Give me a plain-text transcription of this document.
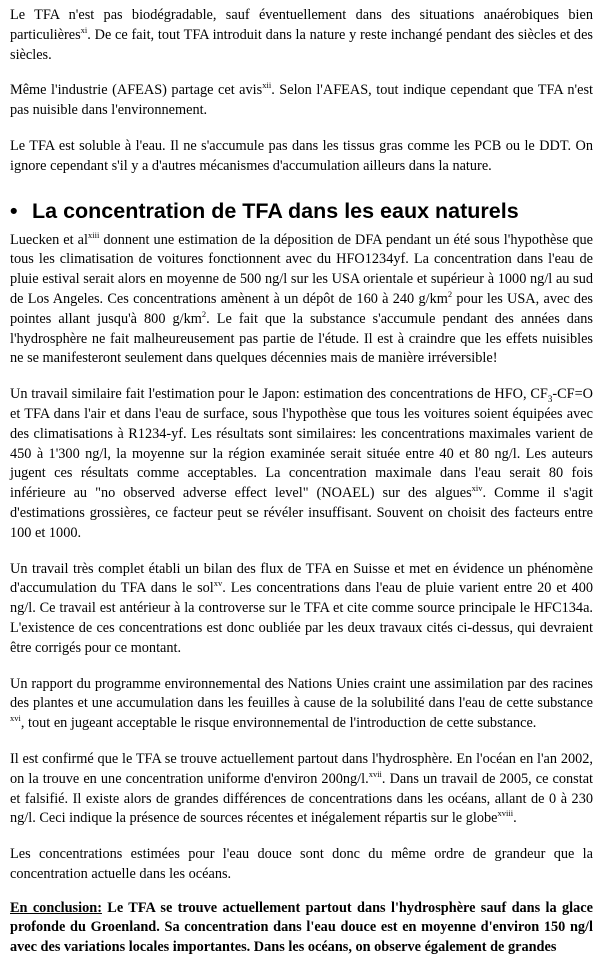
Le TFA n'est pas biodégradable, sauf éventuellement dans des situations anaérobiques bien particulières$^{xi}$. De ce fait, tout TFA introduit dans la nature y reste inchangé pendant des siècles et des siècles.

Même l'industrie (AFEAS) partage cet avis$^{xii}$. Selon l'AFEAS, tout indique cependant que TFA n'est pas nuisible dans l'environnement.

Le TFA est soluble à l'eau. Il ne s'accumule pas dans les tissus gras comme les PCB ou le DDT. On ignore cependant s'il y a d'autres mécanismes d'accumulation ailleurs dans la nature.

• La concentration de TFA dans les eaux naturels

Luecken et $al^{xiii}$ donnent une estimation de la déposition de DFA pendant un été sous l'hypothèse que tous les climatisation de voitures fonctionnent avec du HFO1234yf. La concentration dans l'eau de pluie estival serait alors en moyenne de 500 ng/l sur les USA orientale et supérieur à 1000 ng/l au sud de Los Angeles. Ces concentrations amènent à un dépôt de 160 à 240 $g/km^2$ pour les USA, avec des pointes allant jusqu'à 800 $g/km^2$. Le fait que la substance s'accumule pendant des années dans l'hydrosphère ne fait malheureusement pas partie de l'étude. Il est à craindre que les effets nuisibles ne se manifesteront seulement dans quelques décennies mais de manière irréversible!

Un travail similaire fait l'estimation pour le Japon: estimation des concentrations de HFO, $CF_3-CF=O$ et TFA dans l'air et dans l'eau de surface, sous l'hypothèse que tous les voitures soient équipées avec des climatisations à R1234-yf. Les résultats sont similaires: les concentrations maximales varient de 450 à 1'300 ng/l, la moyenne sur la région examinée serait située entre 40 et 80 ng/l. Les auteurs jugent ces résultats comme acceptables. La concentration maximale dans l'eau serait 80 fois inférieure au "no observed adverse effect level" (NOAEL) sur des algues$^{xiv}$. Comme il s'agit d'estimations grossières, ce facteur peut se révéler insuffisant. Souvent on choisit des facteurs entre 100 et 1000.

Un travail très complet établi un bilan des flux de TFA en Suisse et met en évidence un phénomène d'accumulation du TFA dans le sol$^{xv}$. Les concentrations dans l'eau de pluie varient entre 20 et 400 ng/l. Ce travail est antérieur à la controverse sur le TFA et cite comme source principale le HFC134a. L'existence de ces concentrations est donc oubliée par les deux travaux cités ci-dessus, qui devraient être corrigés pour ce montant.

Un rapport du programme environnemental des Nations Unies craint une assimilation par des racines des plantes et une accumulation dans les feuilles à cause de la solubilité dans l'eau de cette substance $^{xvi}$, tout en jugeant acceptable le risque environnemental de l'introduction de cette substance.

Il est confirmé que le TFA se trouve actuellement partout dans l'hydrosphère. En l'océan en l'an 2002, on la trouve en une concentration uniforme d'environ 200ng/l.$^{xvii}$. Dans un travail de 2005, ce constat et falsifié. Il existe alors de grandes différences de concentrations dans les océans, allant de 0 à 230 ng/l. Ceci indique la présence de sources récentes et inégalement répartis sur le globe$^{xviii}$.

Les concentrations estimées pour l'eau douce sont donc du même ordre de grandeur que la concentration actuelle dans les océans.

En conclusion: Le TFA se trouve actuellement partout dans l'hydrosphère sauf dans la glace profonde du Groenland. Sa concentration dans l'eau douce est en moyenne d'environ 150 ng/l avec des variations locales importantes. Dans les océans, on observe également de grandes
